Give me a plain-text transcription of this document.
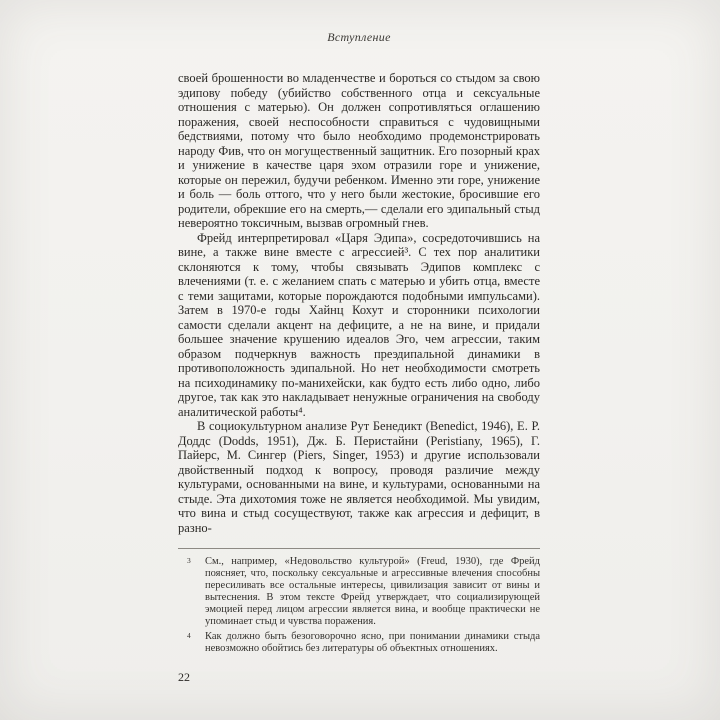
Вступление

своей брошенности во младенчестве и бороться со стыдом за свою эдипову победу (убийство собственного отца и сексуальные отношения с матерью). Он должен сопротивляться оглашению поражения, своей неспособности справиться с чудовищными бедствиями, потому что было необходимо продемонстрировать народу Фив, что он могущественный защитник. Его позорный крах и унижение в качестве царя эхом отразили горе и унижение, которые он пережил, будучи ребенком. Именно эти горе, унижение и боль — боль оттого, что у него были жестокие, бросившие его родители, обрекшие его на смерть,— сделали его эдипальный стыд невероятно токсичным, вызвав огромный гнев.

Фрейд интерпретировал «Царя Эдипа», сосредоточившись на вине, а также вине вместе с агрессией³. С тех пор аналитики склоняются к тому, чтобы связывать Эдипов комплекс с влечениями (т. е. с желанием спать с матерью и убить отца, вместе с теми защитами, которые порождаются подобными импульсами). Затем в 1970-е годы Хайнц Кохут и сторонники психологии самости сделали акцент на дефиците, а не на вине, и придали большее значение крушению идеалов Эго, чем агрессии, таким образом подчеркнув важность преэдипальной динамики в противоположность эдипальной. Но нет необходимости смотреть на психодинамику по-манихейски, как будто есть либо одно, либо другое, так как это накладывает ненужные ограничения на свободу аналитической работы⁴.

В социокультурном анализе Рут Бенедикт (Benedict, 1946), Е. Р. Доддс (Dodds, 1951), Дж. Б. Перистайни (Peristiany, 1965), Г. Пайерс, М. Сингер (Piers, Singer, 1953) и другие использовали двойственный подход к вопросу, проводя различие между культурами, основанными на вине, и культурами, основанными на стыде. Эта дихотомия тоже не является необходимой. Мы увидим, что вина и стыд сосуществуют, также как агрессия и дефицит, в разно-

3 См., например, «Недовольство культурой» (Freud, 1930), где Фрейд поясняет, что, поскольку сексуальные и агрессивные влечения способны пересиливать все остальные интересы, цивилизация зависит от вины и вытеснения. В этом тексте Фрейд утверждает, что социализирующей эмоцией перед лицом агрессии является вина, и вообще практически не упоминает стыд и чувства поражения.

4 Как должно быть безоговорочно ясно, при понимании динамики стыда невозможно обойтись без литературы об объектных отношениях.

22
